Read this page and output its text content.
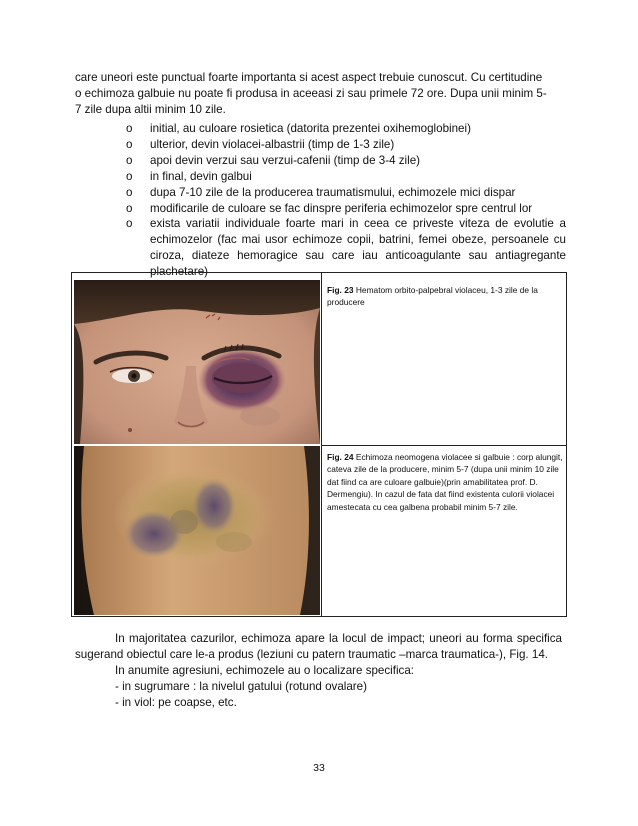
care uneori este punctual foarte importanta si acest aspect trebuie cunoscut. Cu certitudine
o echimoza galbuie nu poate fi produsa in aceeasi zi sau primele 72 ore. Dupa unii minim 5-
7 zile dupa altii minim 10 zile.
o initial, au culoare rosietica (datorita prezentei oxihemoglobinei)
o ulterior, devin violacei-albastrii (timp de 1-3 zile)
o apoi devin verzui sau verzui-cafenii (timp de 3-4 zile)
o in final, devin galbui
o dupa 7-10 zile de la producerea traumatismului, echimozele mici dispar
o modificarile de culoare se fac dinspre periferia echimozelor spre centrul lor
o exista variatii individuale foarte mari in ceea ce priveste viteza de evolutie a echimozelor (fac mai usor echimoze copii, batrini, femei obeze, persoanele cu ciroza, diateze hemoragice sau care iau anticoagulante sau antiagregante plachetare)
Fig. 23 Hematom orbito-palpebral violaceu, 1-3 zile de la producere
Fig. 24 Echimoza neomogena violacee si galbuie : corp alungit, cateva zile de la producere, minim 5-7 (dupa unii minim 10 zile dat fiind ca are culoare galbuie)(prin amabilitatea prof. D. Dermengiu). In cazul de fata dat fiind existenta culorii violacei amestecata cu cea galbena probabil minim 5-7 zile.
In majoritatea cazurilor, echimoza apare la locul de impact; uneori au forma specifica sugerand obiectul care le-a produs (leziuni cu patern traumatic –marca traumatica-), Fig. 14.
In anumite agresiuni, echimozele au o localizare specifica:
- in sugrumare : la nivelul gatului (rotund ovalare)
- in viol: pe coapse, etc.
33
